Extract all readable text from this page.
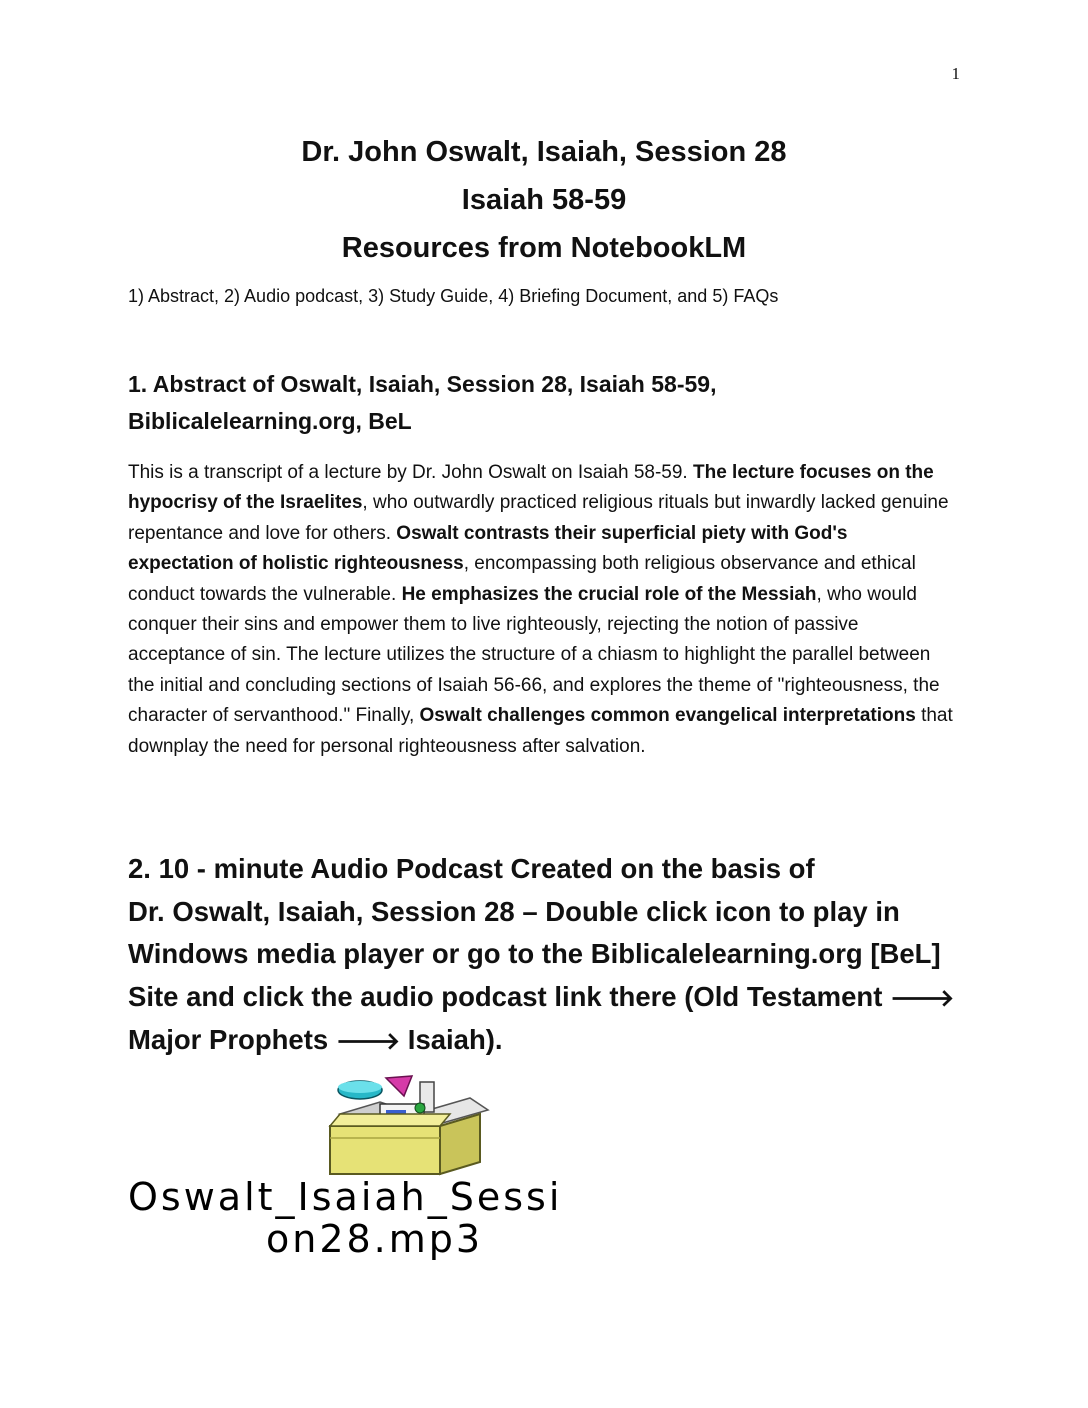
1
Dr. John Oswalt, Isaiah, Session 28
Isaiah 58-59
Resources from NotebookLM
1) Abstract, 2) Audio podcast, 3) Study Guide, 4) Briefing Document, and 5) FAQs
1. Abstract of Oswalt, Isaiah, Session 28, Isaiah 58-59,
Biblicalelearning.org, BeL

This is a transcript of a lecture by Dr. John Oswalt on Isaiah 58-59. The lecture focuses on the hypocrisy of the Israelites, who outwardly practiced religious rituals but inwardly lacked genuine repentance and love for others. Oswalt contrasts their superficial piety with God's expectation of holistic righteousness, encompassing both religious observance and ethical conduct towards the vulnerable. He emphasizes the crucial role of the Messiah, who would conquer their sins and empower them to live righteously, rejecting the notion of passive acceptance of sin. The lecture utilizes the structure of a chiasm to highlight the parallel between the initial and concluding sections of Isaiah 56-66, and explores the theme of "righteousness, the character of servanthood." Finally, Oswalt challenges common evangelical interpretations that downplay the need for personal righteousness after salvation.

2. 10 - minute Audio Podcast Created on the basis of
Dr. Oswalt, Isaiah, Session 28 – Double click icon to play in
Windows media player or go to the Biblicalelearning.org [BeL]
Site and click the audio podcast link there (Old Testament 🡒
Major Prophets 🡒 Isaiah).
Oswalt_Isaiah_Sessi
on28.mp3
